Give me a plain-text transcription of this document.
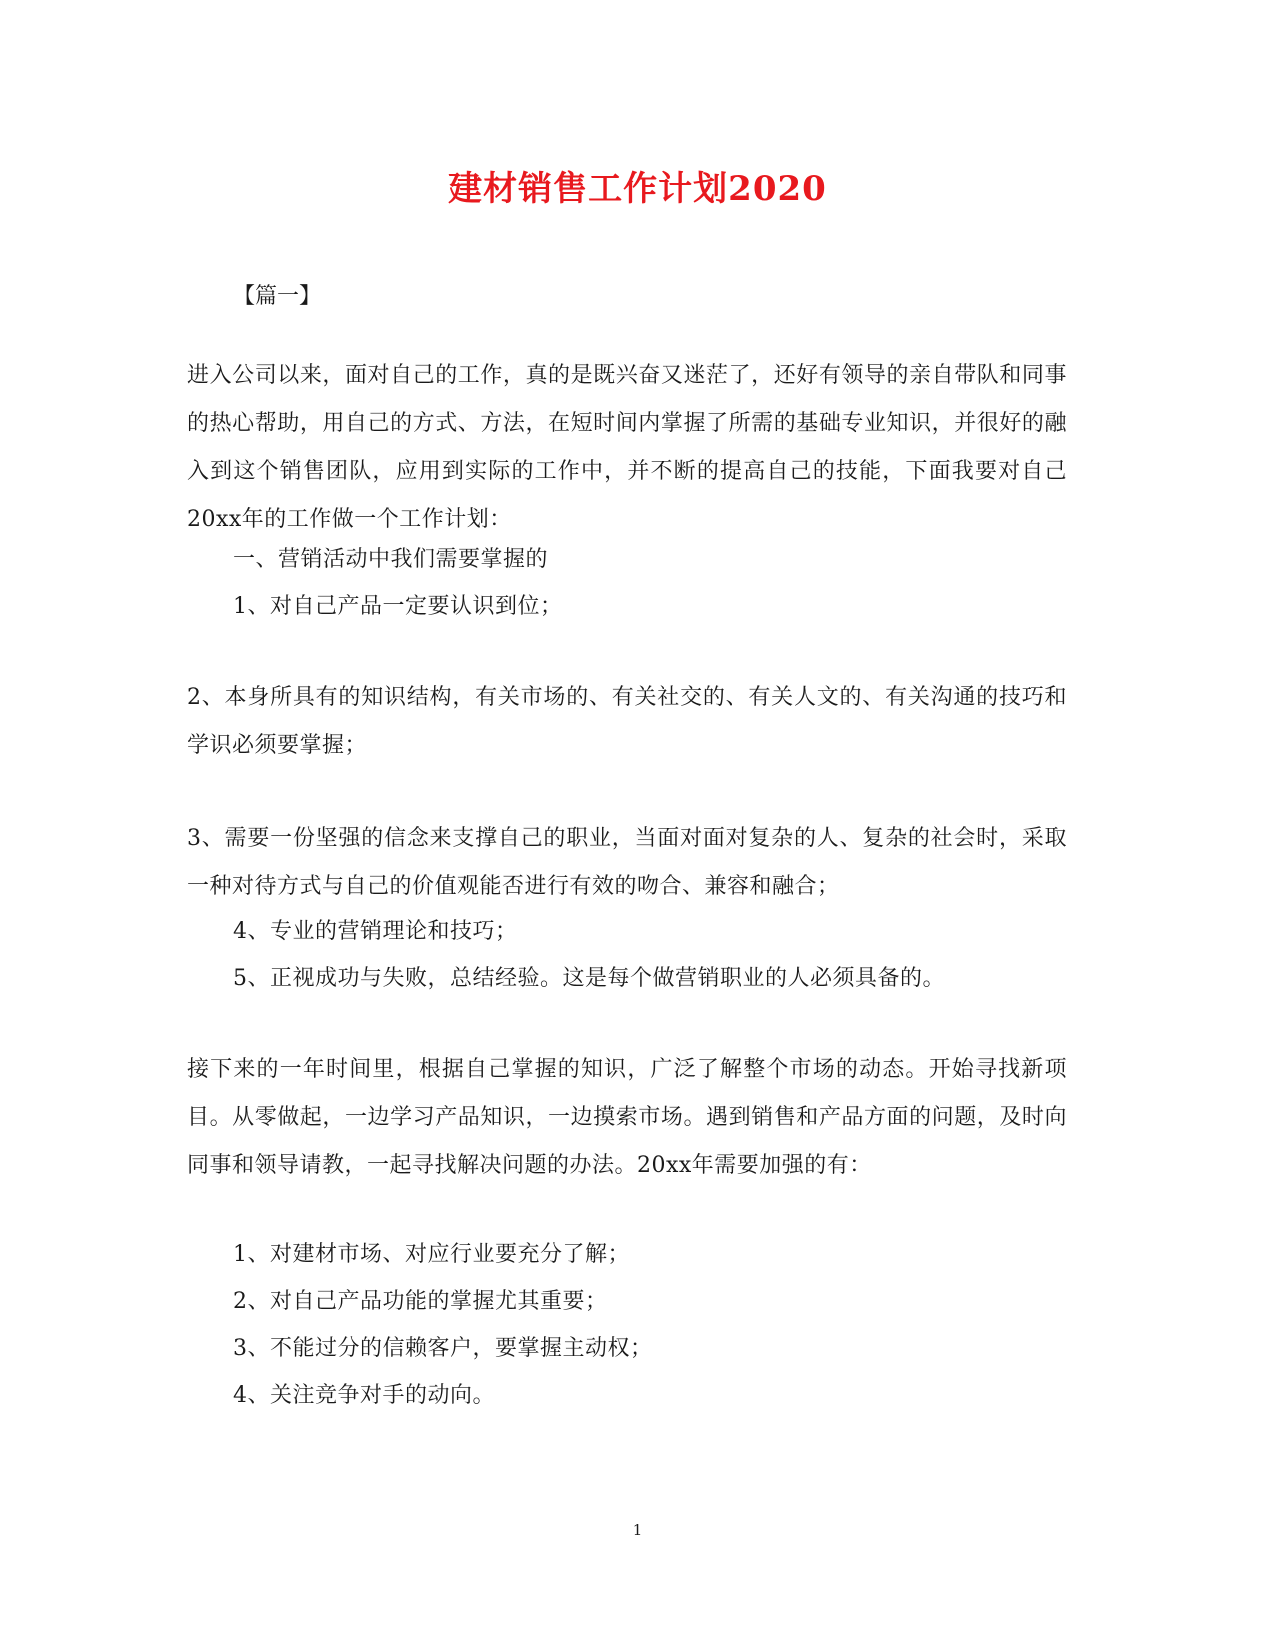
建材销售工作计划2020
【篇一】
进入公司以来，面对自己的工作，真的是既兴奋又迷茫了，还好有领导的亲自带队和同事的热心帮助，用自己的方式、方法，在短时间内掌握了所需的基础专业知识，并很好的融入到这个销售团队，应用到实际的工作中，并不断的提高自己的技能，下面我要对自己20xx年的工作做一个工作计划：
一、营销活动中我们需要掌握的
1、对自己产品一定要认识到位；
2、本身所具有的知识结构，有关市场的、有关社交的、有关人文的、有关沟通的技巧和学识必须要掌握；
3、需要一份坚强的信念来支撑自己的职业，当面对面对复杂的人、复杂的社会时，采取一种对待方式与自己的价值观能否进行有效的吻合、兼容和融合；
4、专业的营销理论和技巧；
5、正视成功与失败，总结经验。这是每个做营销职业的人必须具备的。
接下来的一年时间里，根据自己掌握的知识，广泛了解整个市场的动态。开始寻找新项目。从零做起，一边学习产品知识，一边摸索市场。遇到销售和产品方面的问题，及时向同事和领导请教，一起寻找解决问题的办法。20xx年需要加强的有：
1、对建材市场、对应行业要充分了解；
2、对自己产品功能的掌握尤其重要；
3、不能过分的信赖客户，要掌握主动权；
4、关注竞争对手的动向。
1
